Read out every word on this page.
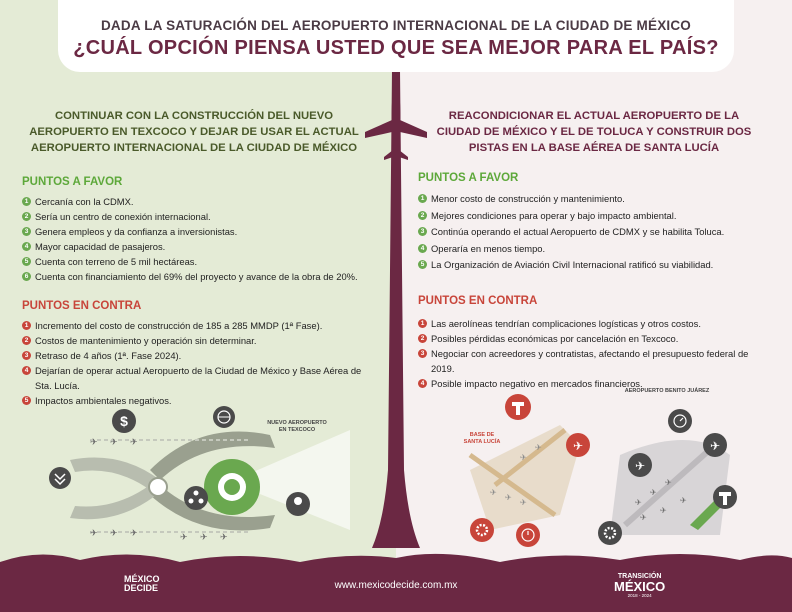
DADA LA SATURACIÓN DEL AEROPUERTO INTERNACIONAL DE LA CIUDAD DE MÉXICO
¿CUÁL OPCIÓN PIENSA USTED QUE SEA MEJOR PARA EL PAÍS?
CONTINUAR CON LA CONSTRUCCIÓN DEL NUEVO
AEROPUERTO EN TEXCOCO Y DEJAR DE USAR EL ACTUAL
AEROPUERTO INTERNACIONAL DE LA CIUDAD DE MÉXICO
PUNTOS A FAVOR
1 Cercanía con la CDMX.
2 Sería un centro de conexión internacional.
3 Genera empleos y da confianza a inversionistas.
4 Mayor capacidad de pasajeros.
5 Cuenta con terreno de 5 mil hectáreas.
6 Cuenta con financiamiento del 69% del proyecto y avance de la obra de 20%.
PUNTOS EN CONTRA
1 Incremento del costo de construcción de 185 a 285 MMDP (1ª Fase).
2 Costos de mantenimiento y operación sin determinar.
3 Retraso de 4 años (1ª. Fase 2024).
4 Dejarían de operar actual Aeropuerto de la Ciudad de México y Base Aérea de Sta. Lucía.
5 Impactos ambientales negativos.
$
✈ ✈ ✈
✈ ✈ ✈	✈ ✈ ✈
NUEVO AEROPUERTO
EN TEXCOCO
REACONDICIONAR EL ACTUAL AEROPUERTO DE LA
CIUDAD DE MÉXICO Y EL DE TOLUCA Y CONSTRUIR DOS
PISTAS EN LA BASE AÉREA DE SANTA LUCÍA
PUNTOS A FAVOR
1 Menor costo de construcción y mantenimiento.
2 Mejores condiciones para operar y bajo impacto ambiental.
3 Continúa operando el actual Aeropuerto de CDMX y se habilita Toluca.
4 Operaría en menos tiempo.
5 La Organización de Aviación Civil Internacional ratificó su viabilidad.
PUNTOS EN CONTRA
1 Las aerolíneas tendrían complicaciones logísticas y otros costos.
2 Posibles pérdidas económicas por cancelación en Texcoco.
3 Negociar con acreedores y contratistas, afectando el presupuesto federal de 2019.
4 Posible impacto negativo en mercados financieros.
✈
✈
✈
✈
✈
✈
✈
✈
✈
✈
✈
✈	✈
✈
BASE DE
SANTA LUCÍA
AEROPUERTO BENITO JUÁREZ
MÉXICO
DECIDE	www.mexicodecide.com.mx
TRANSICIÓN
MÉXICO
2018 - 2024
